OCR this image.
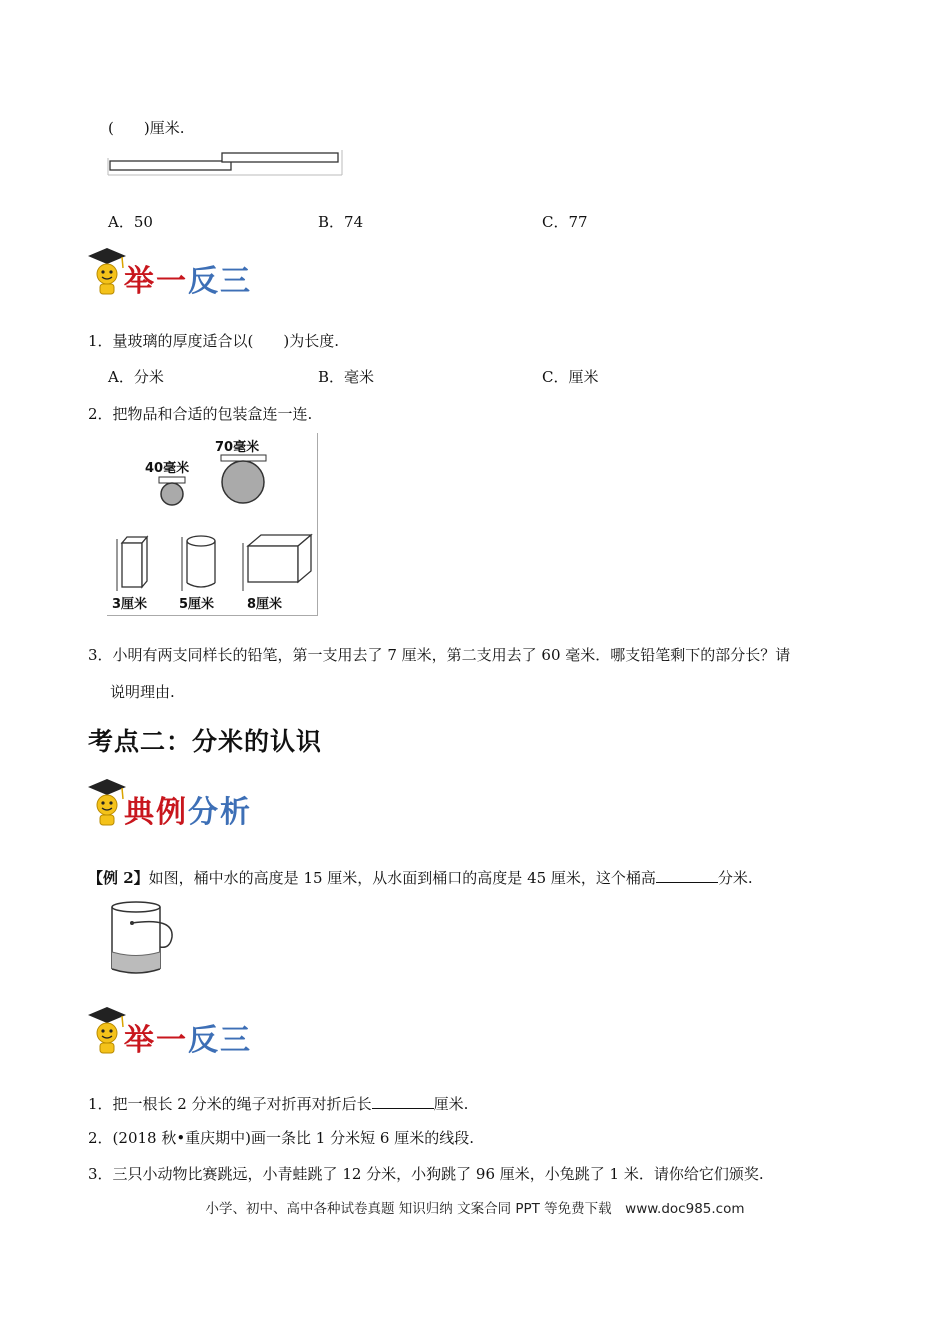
(　　)厘米.
A．50	B．74	C．77
举一反三
1．量玻璃的厚度适合以(　　)为长度.
A．分米	B．毫米	C．厘米
2．把物品和合适的包装盒连一连.
40毫米
70毫米
3厘米 5厘米	8厘米
3．小明有两支同样长的铅笔，第一支用去了 7 厘米，第二支用去了 60 毫米．哪支铅笔剩下的部分长？请
说明理由.
考点二：分米的认识
典例分析
【例 2】如图，桶中水的高度是 15 厘米，从水面到桶口的高度是 45 厘米，这个桶高	分米.
举一反三
1．把一根长 2 分米的绳子对折再对折后长	厘米.
2．(2018 秋•重庆期中)画一条比 1 分米短 6 厘米的线段.
3．三只小动物比赛跳远，小青蛙跳了 12 分米，小狗跳了 96 厘米，小兔跳了 1 米．请你给它们颁奖.
小学、初中、高中各种试卷真题 知识归纳 文案合同 PPT 等免费下载　www.doc985.com
